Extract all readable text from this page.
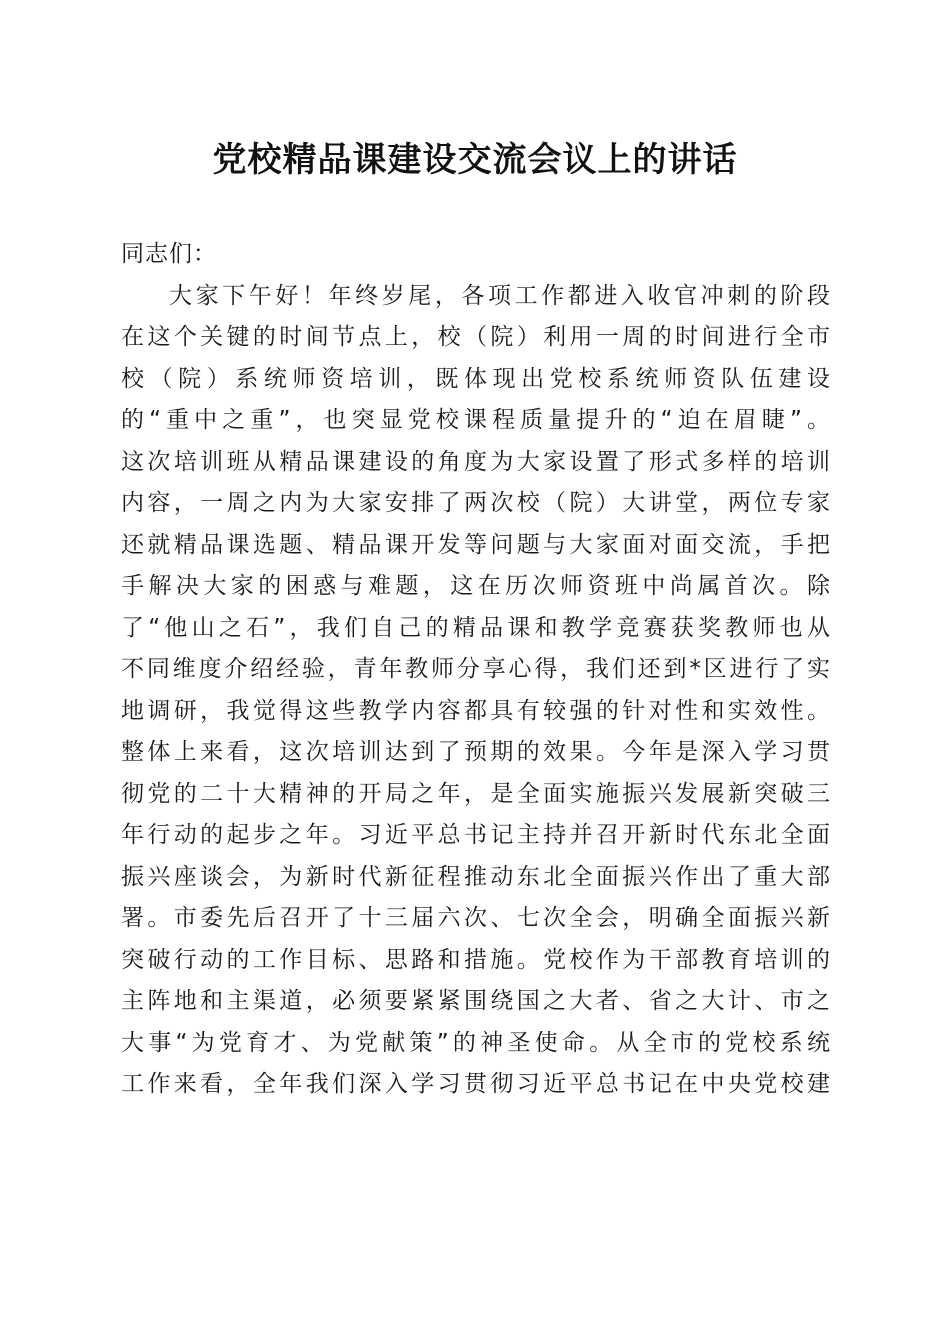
党校精品课建设交流会议上的讲话
同志们：
大家下午好！年终岁尾，各项工作都进入收官冲刺的阶段
在这个关键的时间节点上，校（院）利用一周的时间进行全市
校（院）系统师资培训，既体现出党校系统师资队伍建设
的“重中之重”，也突显党校课程质量提升的“迫在眉睫”。
这次培训班从精品课建设的角度为大家设置了形式多样的培训
内容，一周之内为大家安排了两次校（院）大讲堂，两位专家
还就精品课选题、精品课开发等问题与大家面对面交流，手把
手解决大家的困惑与难题，这在历次师资班中尚属首次。除
了“他山之石”，我们自己的精品课和教学竞赛获奖教师也从
不同维度介绍经验，青年教师分享心得，我们还到*区进行了实
地调研，我觉得这些教学内容都具有较强的针对性和实效性。
整体上来看，这次培训达到了预期的效果。今年是深入学习贯
彻党的二十大精神的开局之年，是全面实施振兴发展新突破三
年行动的起步之年。习近平总书记主持并召开新时代东北全面
振兴座谈会，为新时代新征程推动东北全面振兴作出了重大部
署。市委先后召开了十三届六次、七次全会，明确全面振兴新
突破行动的工作目标、思路和措施。党校作为干部教育培训的
主阵地和主渠道，必须要紧紧围绕国之大者、省之大计、市之
大事“为党育才、为党献策”的神圣使命。从全市的党校系统
工作来看，全年我们深入学习贯彻习近平总书记在中央党校建
